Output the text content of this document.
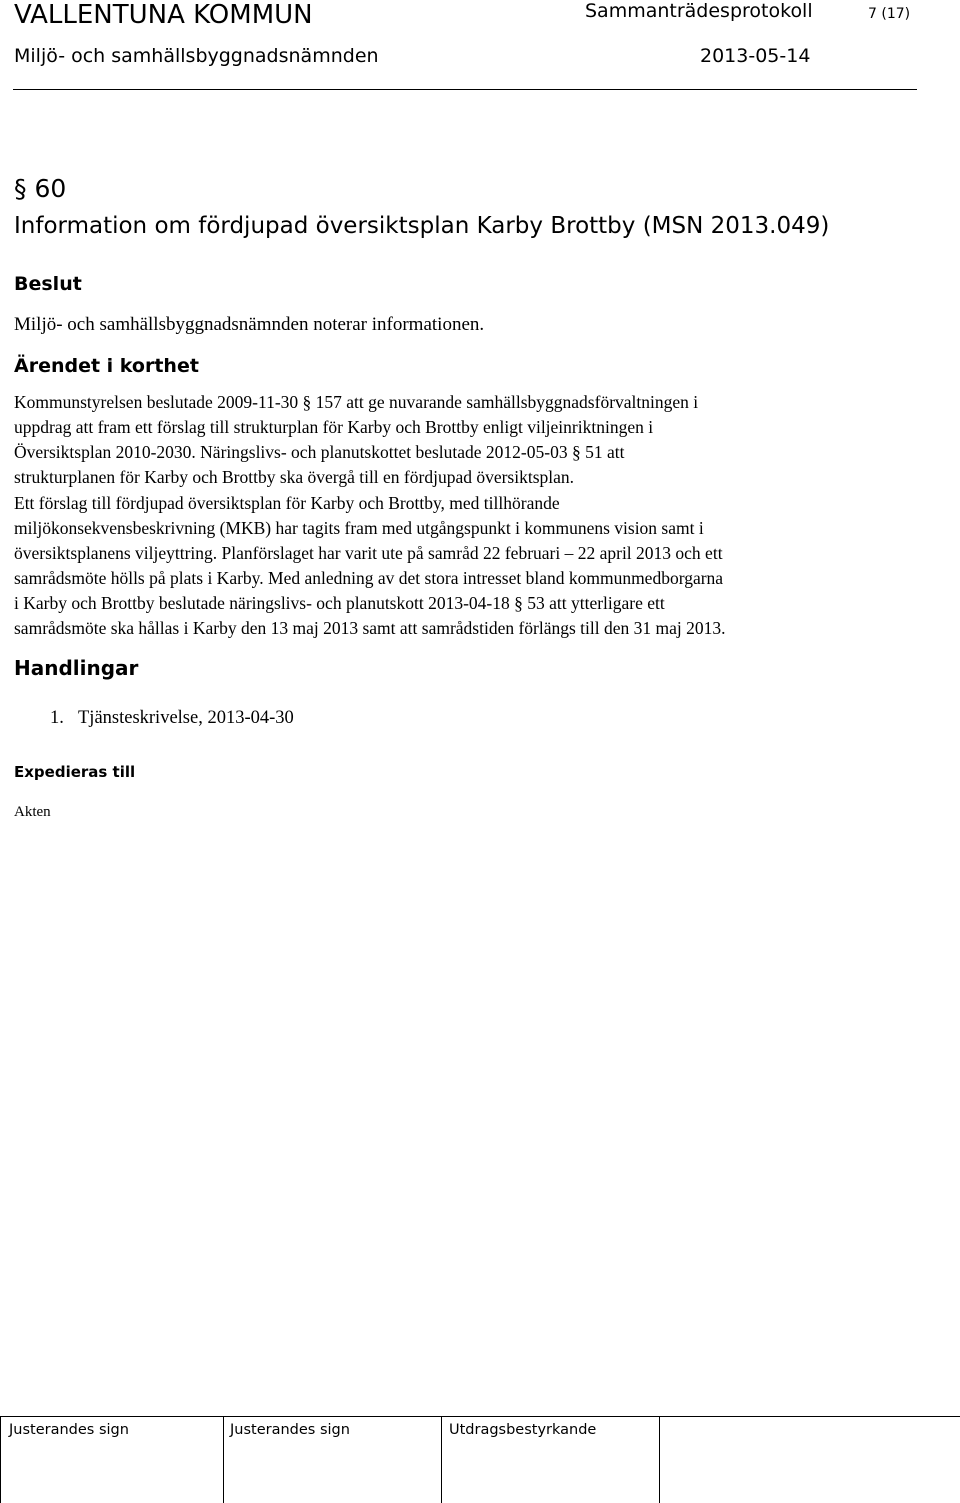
VALLENTUNA KOMMUN	Sammanträdesprotokoll	7 (17)
Miljö- och samhällsbyggnadsnämnden	2013-05-14
§ 60
Information om fördjupad översiktsplan Karby Brottby (MSN 2013.049)
Beslut
Miljö- och samhällsbyggnadsnämnden noterar informationen.
Ärendet i korthet
Kommunstyrelsen beslutade 2009-11-30 § 157 att ge nuvarande samhällsbyggnadsförvaltningen i
uppdrag att fram ett förslag till strukturplan för Karby och Brottby enligt viljeinriktningen i
Översiktsplan 2010-2030. Näringslivs- och planutskottet beslutade 2012-05-03 § 51 att
strukturplanen för Karby och Brottby ska övergå till en fördjupad översiktsplan.
Ett förslag till fördjupad översiktsplan för Karby och Brottby, med tillhörande
miljökonsekvensbeskrivning (MKB) har tagits fram med utgångspunkt i kommunens vision samt i
översiktsplanens viljeyttring. Planförslaget har varit ute på samråd 22 februari – 22 april 2013 och ett
samrådsmöte hölls på plats i Karby. Med anledning av det stora intresset bland kommunmedborgarna
i Karby och Brottby beslutade näringslivs- och planutskott 2013-04-18 § 53 att ytterligare ett
samrådsmöte ska hållas i Karby den 13 maj 2013 samt att samrådstiden förlängs till den 31 maj 2013.
Handlingar
1. Tjänsteskrivelse, 2013-04-30
Expedieras till
Akten
Justerandes sign	Justerandes sign	Utdragsbestyrkande
